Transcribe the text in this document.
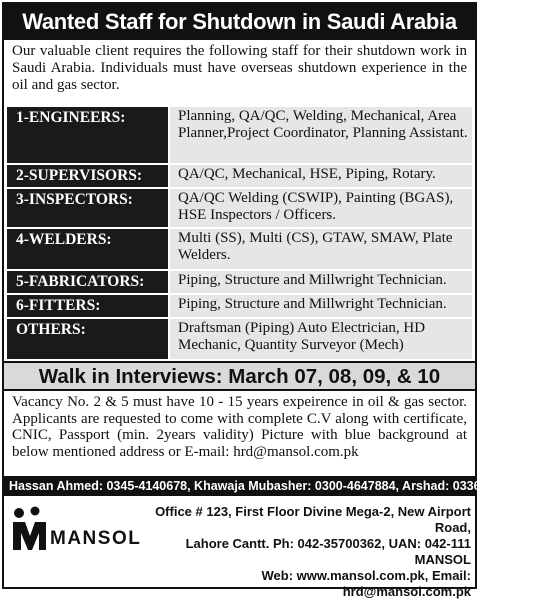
Wanted Staff for Shutdown in Saudi Arabia
Our valuable client requires the following staff for their shutdown work in Saudi Arabia. Individuals must have overseas shutdown experience in the oil and gas sector.
1-ENGINEERS:	Planning, QA/QC, Welding, Mechanical, Area Planner,Project Coordinator, Planning Assistant.
2-SUPERVISORS:	QA/QC, Mechanical, HSE, Piping, Rotary.
3-INSPECTORS:	QA/QC Welding (CSWIP), Painting (BGAS), HSE Inspectors / Officers.
4-WELDERS:	Multi (SS), Multi (CS), GTAW, SMAW, Plate Welders.
5-FABRICATORS:	Piping, Structure and Millwright Technician.
6-FITTERS:	Piping, Structure and Millwright Technician.
OTHERS:	Draftsman (Piping) Auto Electrician, HD Mechanic, Quantity Surveyor (Mech)
Walk in Interviews: March 07, 08, 09, & 10
Vacancy No. 2 & 5 must have 10 - 15 years expeirence in oil & gas sector. Applicants are requested to come with complete C.V along with certificate, CNIC, Passport (min. 2years validity) Picture with blue background at below mentioned address or E-mail: hrd@mansol.com.pk
Hassan Ahmed: 0345-4140678, Khawaja Mubasher: 0300-4647884, Arshad: 0336-7125754
MANSOL
Office # 123, First Floor Divine Mega-2, New Airport Road,
Lahore Cantt. Ph: 042-35700362, UAN: 042-111 MANSOL
Web: www.mansol.com.pk, Email: hrd@mansol.com.pk
